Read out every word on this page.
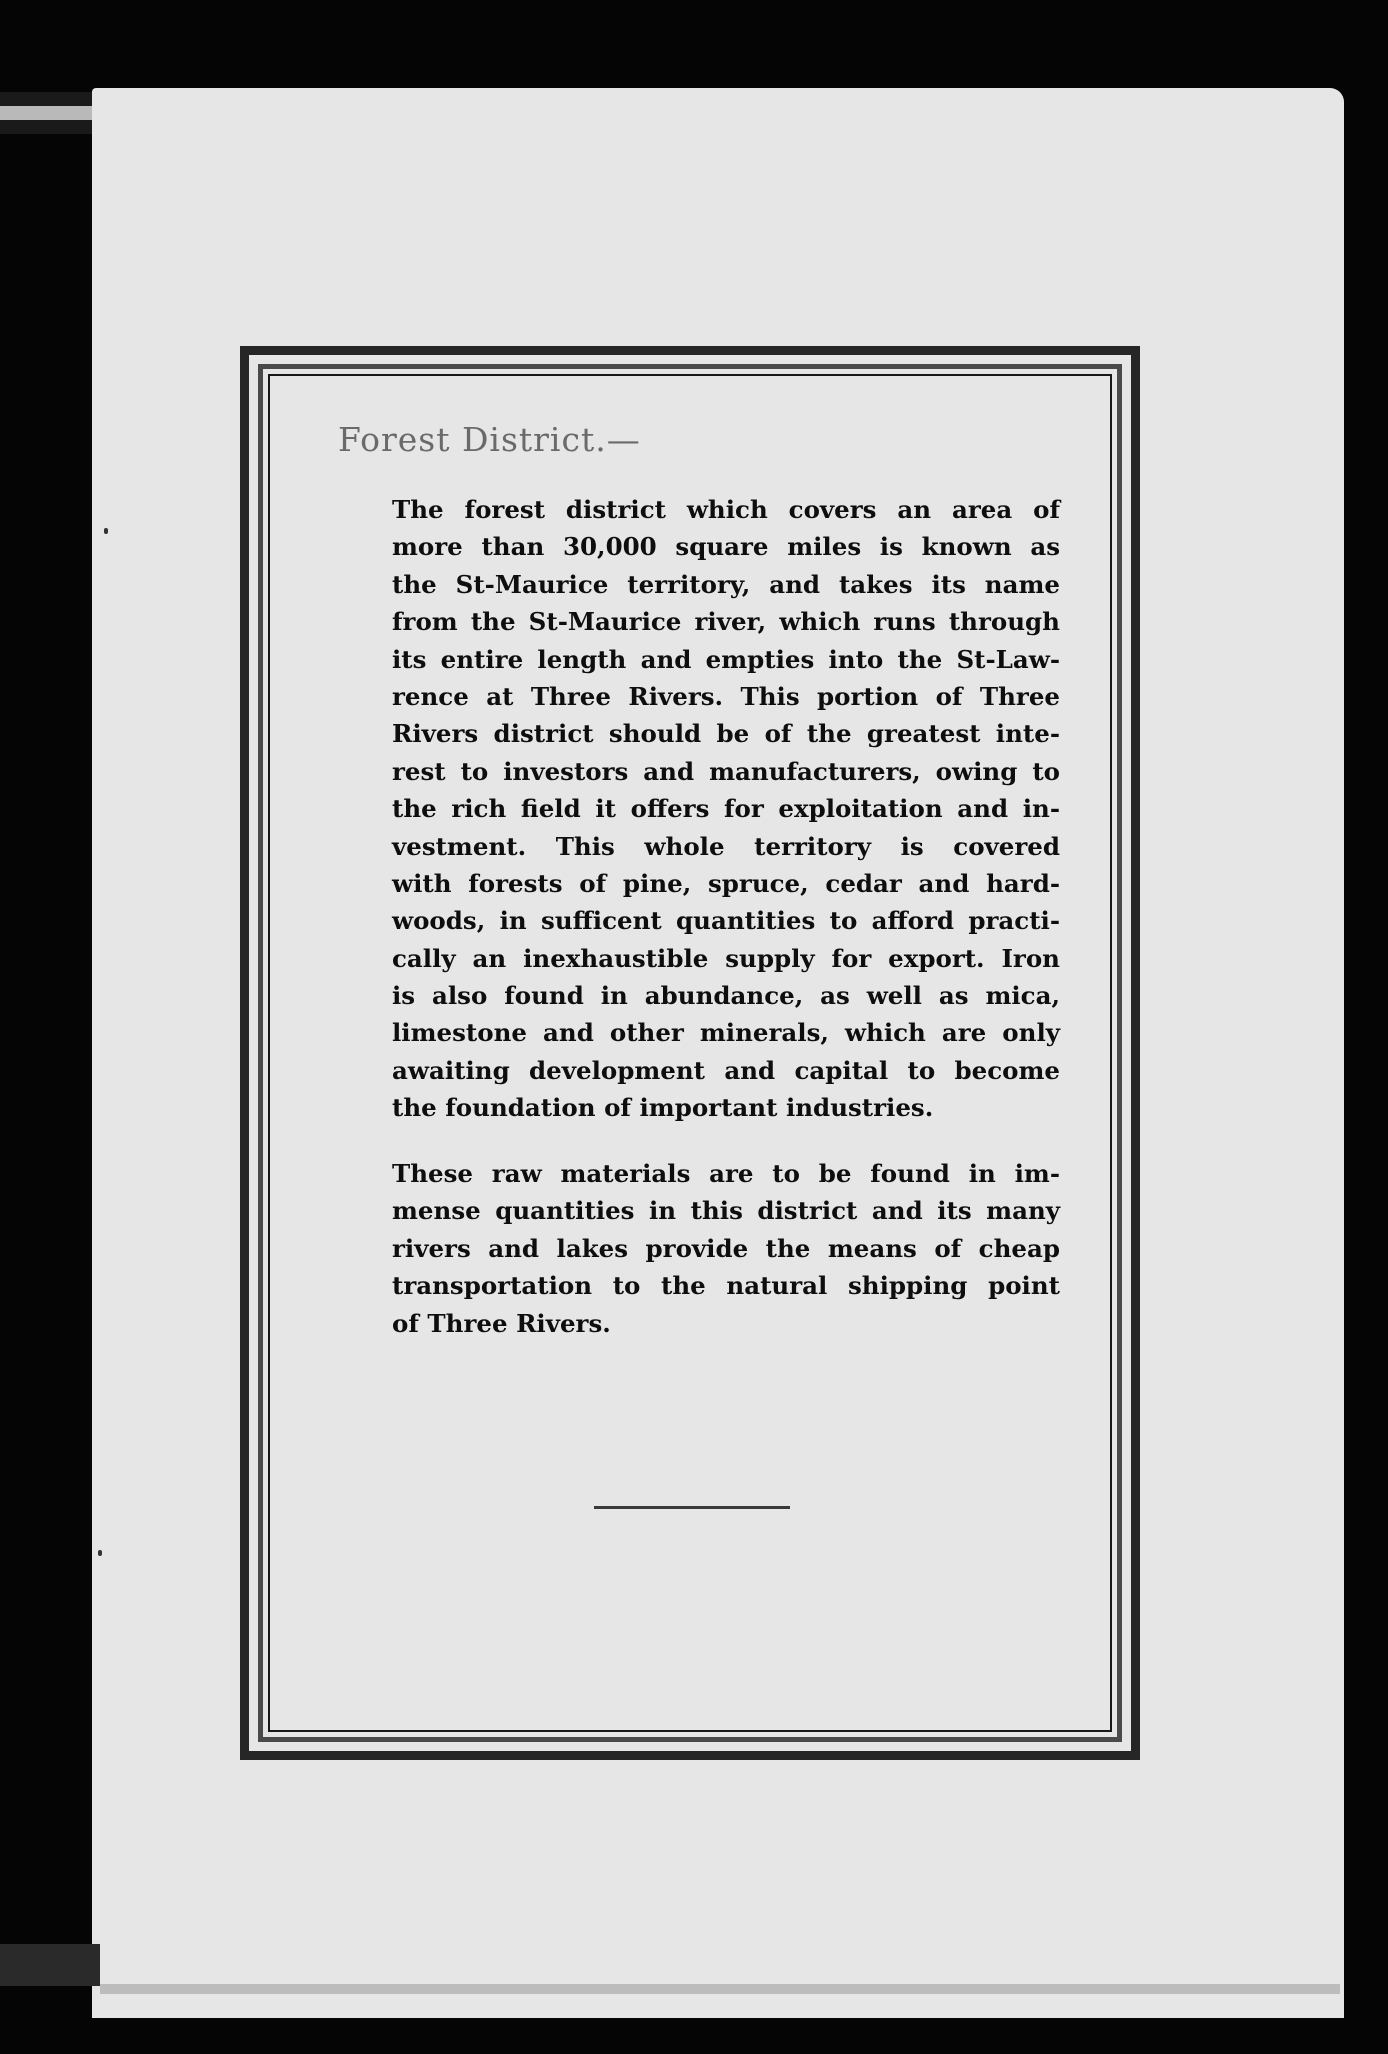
Forest District.—
The forest district which covers an area of
more than 30,000 square miles is known as
the St-Maurice territory, and takes its name
from the St-Maurice river, which runs through
its entire length and empties into the St-Law-
rence at Three Rivers. This portion of Three
Rivers district should be of the greatest inte-
rest to investors and manufacturers, owing to
the rich field it offers for exploitation and in-
vestment. This whole territory is covered
with forests of pine, spruce, cedar and hard-
woods, in sufficent quantities to afford practi-
cally an inexhaustible supply for export. Iron
is also found in abundance, as well as mica,
limestone and other minerals, which are only
awaiting development and capital to become
the foundation of important industries.
These raw materials are to be found in im-
mense quantities in this district and its many
rivers and lakes provide the means of cheap
transportation to the natural shipping point
of Three Rivers.
